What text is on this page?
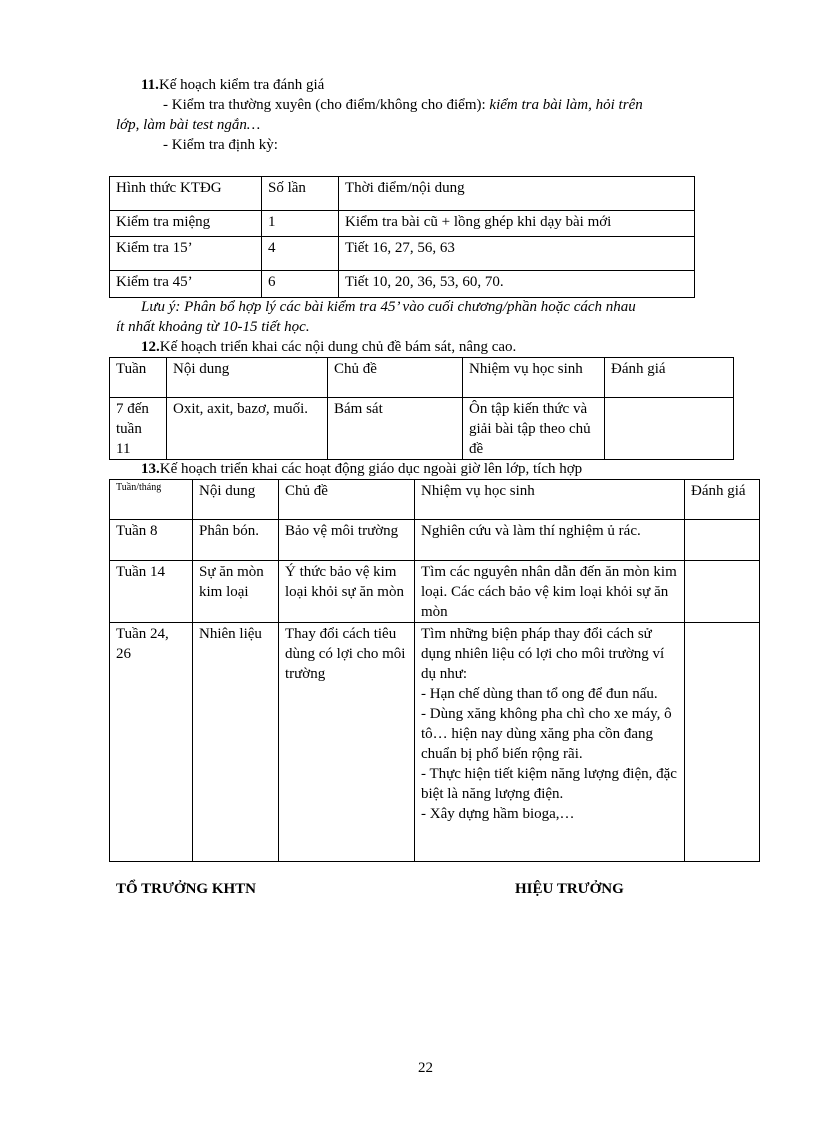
11.Kế hoạch kiểm tra đánh giá
- Kiểm tra thường xuyên (cho điểm/không cho điểm): kiểm tra bài làm, hỏi trên
lớp, làm bài test ngắn…
- Kiểm tra định kỳ:
Hình thức KTĐG	Số lần	Thời điểm/nội dung
Kiểm tra miệng	1	Kiểm tra bài cũ + lồng ghép khi dạy bài mới
Kiểm tra 15’	4	Tiết 16, 27, 56, 63
Kiểm tra 45’	6	Tiết 10, 20, 36, 53, 60, 70.
Lưu ý: Phân bổ hợp lý các bài kiểm tra 45’ vào cuối chương/phần hoặc cách nhau
ít nhất khoảng từ 10-15 tiết học.
12.Kế hoạch triển khai các nội dung chủ đề bám sát, nâng cao.
Tuần	Nội dung	Chủ đề	Nhiệm vụ học sinh	Đánh giá
7 đến tuần 11	Oxit, axit, bazơ, muối.	Bám sát	Ôn tập kiến thức và giải bài tập theo chủ đề	
13.Kế hoạch triển khai các hoạt động giáo dục ngoài giờ lên lớp, tích hợp
Tuần/tháng	Nội dung	Chủ đề	Nhiệm vụ học sinh	Đánh giá
Tuần 8	Phân bón.	Bảo vệ môi trường	Nghiên cứu và làm thí nghiệm ủ rác.	
Tuần 14	Sự ăn mòn kim loại	Ý thức bảo vệ kim loại khỏi sự ăn mòn	Tìm các nguyên nhân dẫn đến ăn mòn kim loại. Các cách bảo vệ kim loại khỏi sự ăn mòn	
Tuần 24, 26	Nhiên liệu	Thay đổi cách tiêu dùng có lợi cho môi trường	Tìm những biện pháp thay đổi cách sử dụng nhiên liệu có lợi cho môi trường ví dụ như:
- Hạn chế dùng than tổ ong để đun nấu.
- Dùng xăng không pha chì cho xe máy, ô tô… hiện nay dùng xăng pha cồn đang chuẩn bị phổ biến rộng rãi.
- Thực hiện tiết kiệm năng lượng điện, đặc biệt là năng lượng điện.
- Xây dựng hầm bioga,…	

TỔ TRƯỞNG KHTN	HIỆU TRƯỞNG
22
